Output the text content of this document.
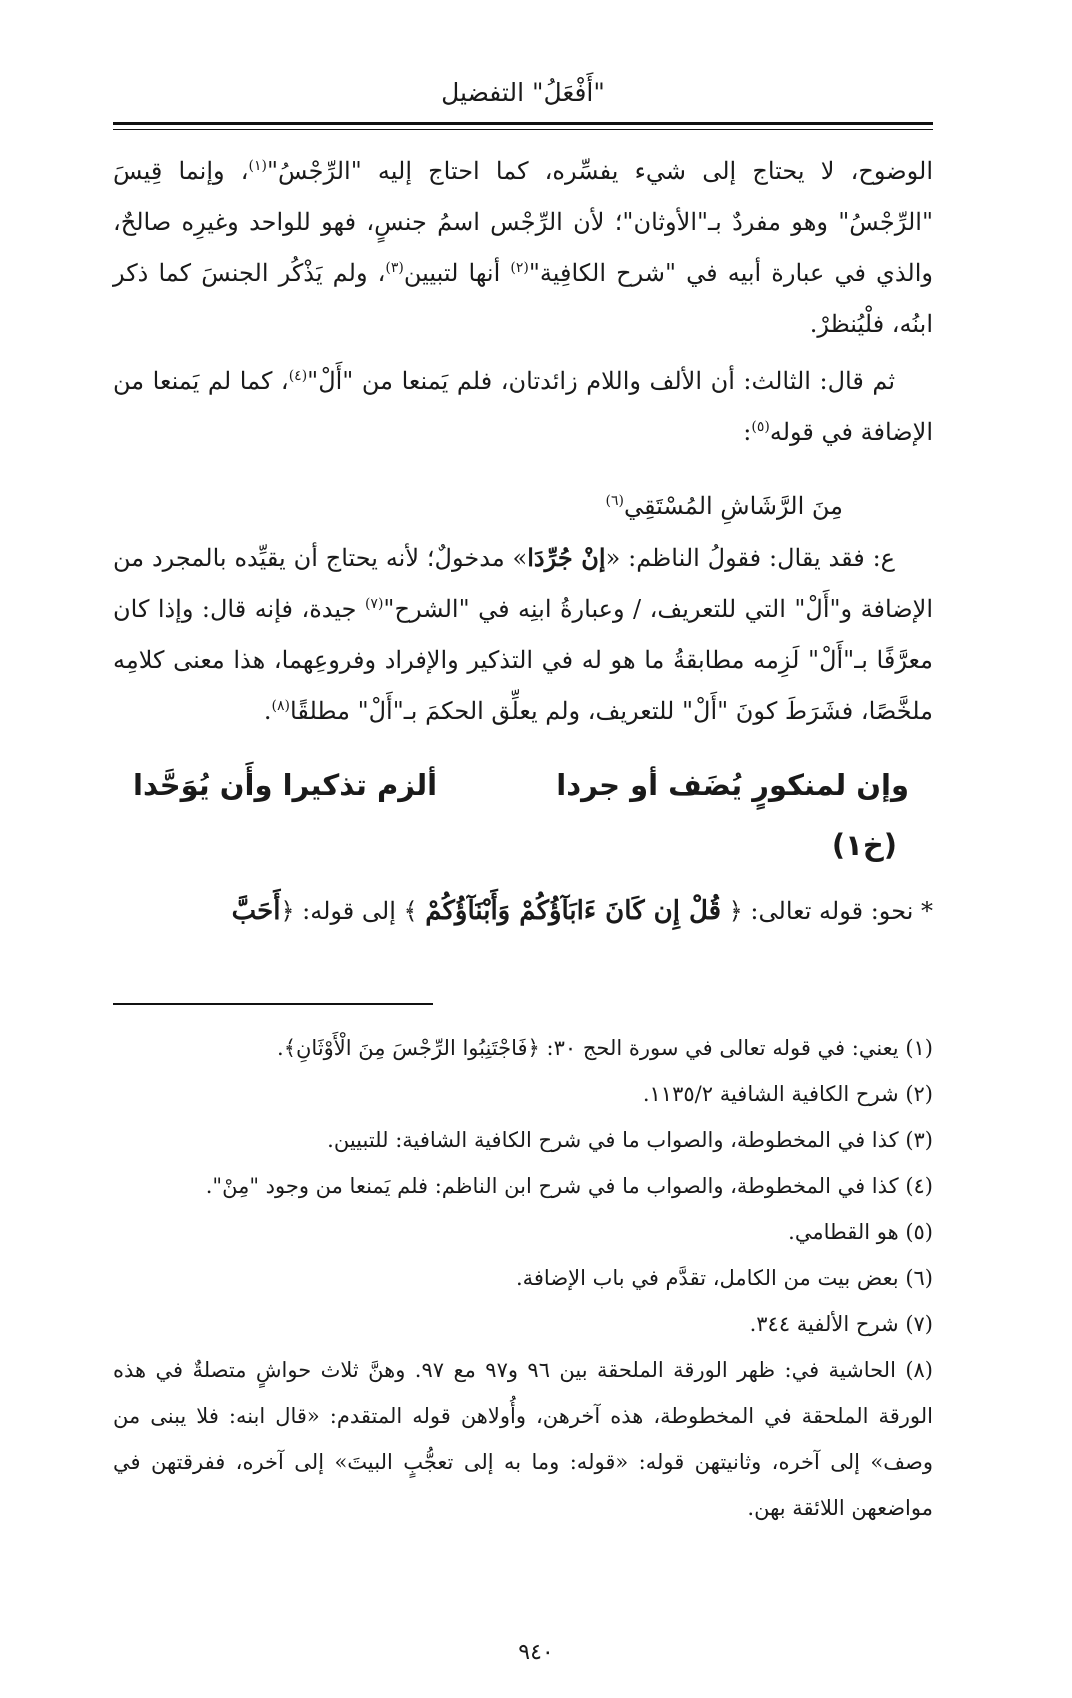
"أَفْعَلُ" التفضيل

الوضوح، لا يحتاج إلى شيء يفسِّره، كما احتاج إليه "الرِّجْسُ"$^{(١)}$، وإنما قِيسَ "الرِّجْسُ" وهو مفردٌ بـ"الأوثان"؛ لأن الرِّجْس اسمُ جنسٍ، فهو للواحد وغيرِه صالحٌ، والذي في عبارة أبيه في "شرح الكافِية"$^{(٢)}$ أنها لتبيين$^{(٣)}$، ولم يَذْكُر الجنسَ كما ذكر ابنُه، فلْيُنظرْ.

ثم قال: الثالث: أن الألف واللام زائدتان، فلم يَمنعا من "أَلْ"$^{(٤)}$، كما لم يَمنعا من الإضافة في قوله$^{(٥)}$:

مِنَ الرَّشَاشِ المُسْتَقِي$^{(٦)}$

ع: فقد يقال: فقولُ الناظم: «إنْ جُرِّدَا» مدخولٌ؛ لأنه يحتاج أن يقيِّده بالمجرد من الإضافة و"أَلْ" التي للتعريف، / وعبارةُ ابنِه في "الشرح"$^{(٧)}$ جيدة، فإنه قال: وإذا كان معرَّفًا بـ"أَلْ" لَزِمه مطابقةُ ما هو له في التذكير والإفراد وفروعِهما، هذا معنى كلامِه ملخَّصًا، فشَرَطَ كونَ "أَلْ" للتعريف، ولم يعلِّق الحكمَ بـ"أَلْ" مطلقًا$^{(٨)}$.

وإن لمنكورٍ يُضَف أو جردا
ألزم تذكيرا وأَن يُوَحَّدا
(خ١)
* نحو: قوله تعالى: ﴿ قُلْ إِن كَانَ ءَابَآؤُكُمْ وَأَبْنَآؤُكُمْ ﴾ إلى قوله: ﴿أَحَبَّ

(١) يعني: في قوله تعالى في سورة الحج ٣٠: ﴿فَاجْتَنِبُوا الرِّجْسَ مِنَ الْأَوْثَانِ﴾.

(٢) شرح الكافية الشافية ١١٣٥/٢.

(٣) كذا في المخطوطة، والصواب ما في شرح الكافية الشافية: للتبيين.

(٤) كذا في المخطوطة، والصواب ما في شرح ابن الناظم: فلم يَمنعا من وجود "مِنْ".

(٥) هو القطامي.

(٦) بعض بيت من الكامل، تقدَّم في باب الإضافة.

(٧) شرح الألفية ٣٤٤.

(٨) الحاشية في: ظهر الورقة الملحقة بين ٩٦ و٩٧ مع ٩٧. وهنَّ ثلاث حواشٍ متصلةٌ في هذه الورقة الملحقة في المخطوطة، هذه آخرهن، وأُولاهن قوله المتقدم: «قال ابنه: فلا يبنى من وصف» إلى آخره، وثانيتهن قوله: «قوله: وما به إلى تعجُّبٍ البيتَ» إلى آخره، ففرقتهن في مواضعهن اللائقة بهن.

٩٤٠
